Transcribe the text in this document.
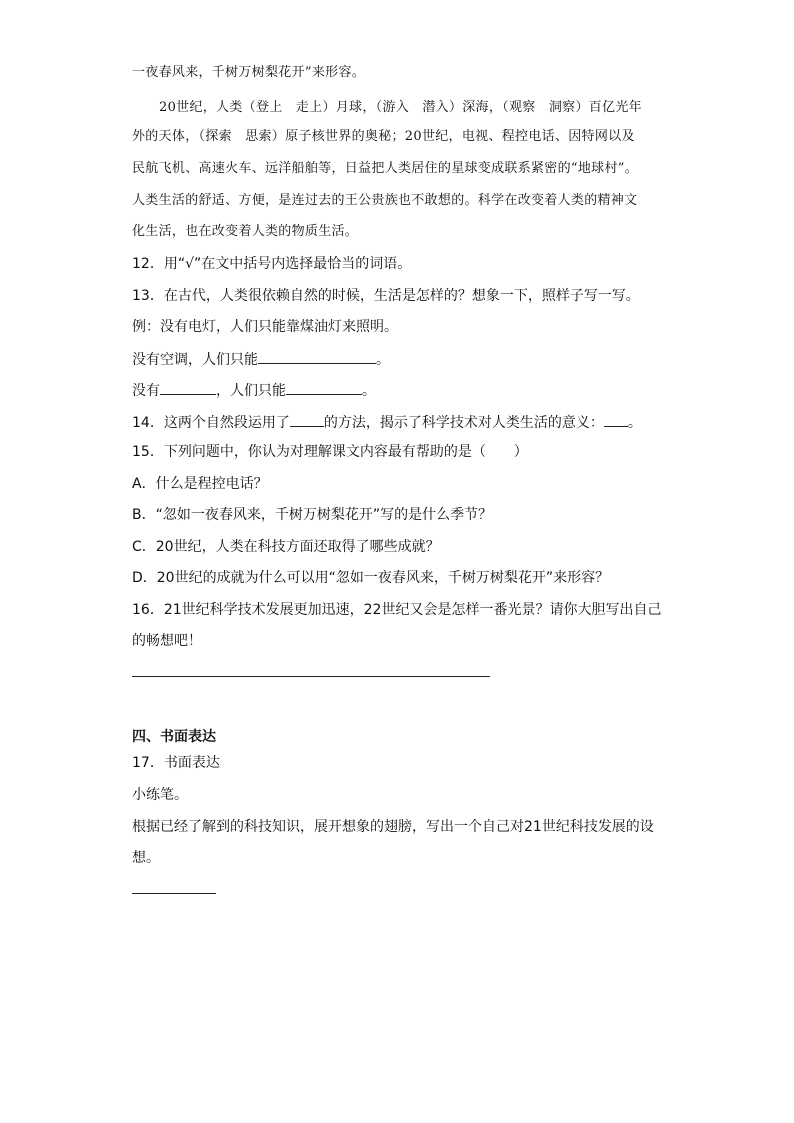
一夜春风来，千树万树梨花开”来形容。
20世纪，人类（登上　走上）月球，（游入　潜入）深海，（观察　洞察）百亿光年
外的天体，（探索　思索）原子核世界的奥秘；20世纪，电视、程控电话、因特网以及
民航飞机、高速火车、远洋船舶等，日益把人类居住的星球变成联系紧密的“地球村”。
人类生活的舒适、方便，是连过去的王公贵族也不敢想的。科学在改变着人类的精神文
化生活，也在改变着人类的物质生活。
12．用“√”在文中括号内选择最恰当的词语。
13．在古代，人类很依赖自然的时候，生活是怎样的？想象一下，照样子写一写。
例：没有电灯，人们只能靠煤油灯来照明。
没有空调，人们只能	。
没有	，人们只能	。
14．这两个自然段运用了 的方法，揭示了科学技术对人类生活的意义： 。
15．下列问题中，你认为对理解课文内容最有帮助的是（　　）
A．什么是程控电话？
B．“忽如一夜春风来，千树万树梨花开”写的是什么季节？
C．20世纪，人类在科技方面还取得了哪些成就？
D．20世纪的成就为什么可以用“忽如一夜春风来，千树万树梨花开”来形容？
16．21世纪科学技术发展更加迅速，22世纪又会是怎样一番光景？请你大胆写出自己
的畅想吧！
四、书面表达
17．书面表达
小练笔。
根据已经了解到的科技知识，展开想象的翅膀，写出一个自己对21世纪科技发展的设
想。
